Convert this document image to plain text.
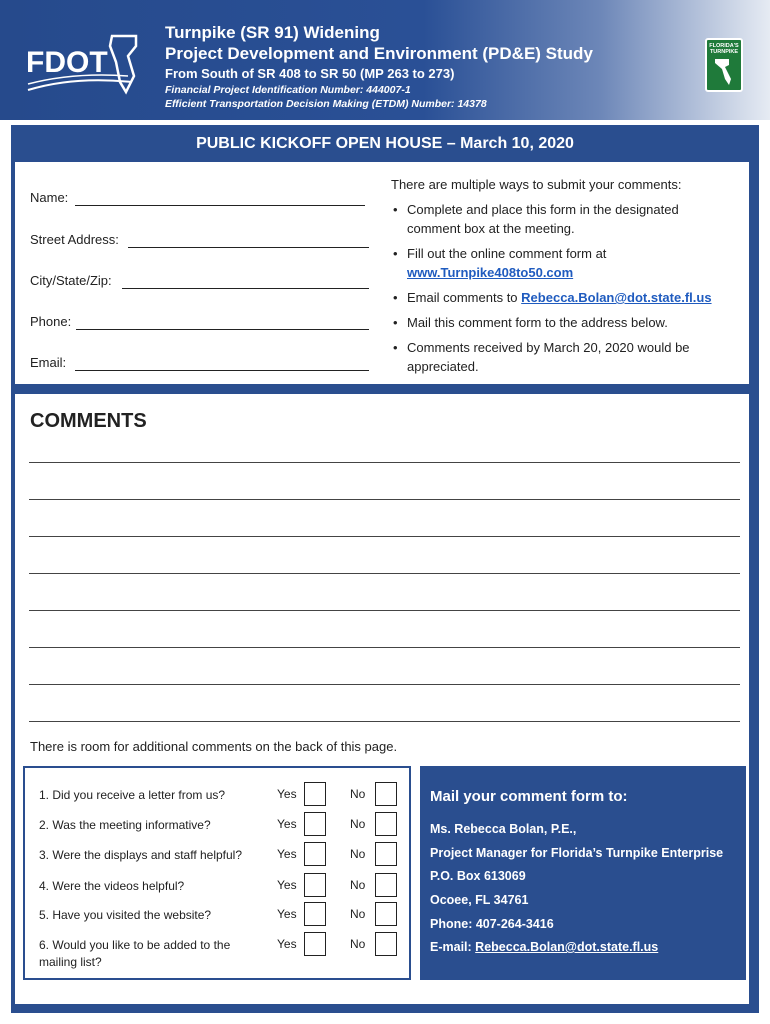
FDOT
Turnpike (SR 91) Widening
Project Development and Environment (PD&E) Study
From South of SR 408 to SR 50 (MP 263 to 273)
Financial Project Identification Number: 444007-1
Efficient Transportation Decision Making (ETDM) Number: 14378
FLORIDA'S TURNPIKE
PUBLIC KICKOFF OPEN HOUSE – March 10, 2020
Name:
Street Address:
City/State/Zip:
Phone:
Email:
There are multiple ways to submit your comments:
• Complete and place this form in the designated comment box at the meeting.
• Fill out the online comment form at
www.Turnpike408to50.com
• Email comments to Rebecca.Bolan@dot.state.fl.us
• Mail this comment form to the address below.
• Comments received by March 20, 2020 would be appreciated.
COMMENTS
There is room for additional comments on the back of this page.
1. Did you receive a letter from us?	Yes	No
2. Was the meeting informative?	Yes	No
3. Were the displays and staff helpful?	Yes	No
4. Were the videos helpful?	Yes	No
5. Have you visited the website?	Yes	No
6. Would you like to be added to the mailing list?
Yes	No
Mail your comment form to:
Ms. Rebecca Bolan, P.E.,
Project Manager for Florida’s Turnpike Enterprise
P.O. Box 613069
Ocoee, FL 34761
Phone: 407-264-3416
E-mail: Rebecca.Bolan@dot.state.fl.us
Public Kickoff Open House (5:30 p.m. to 7:30 p.m.) ♦ Tuesday, March 10, 2020 ♦ Ocoee Lakeshore Center ♦ 125 North Lakeshore Drive, Ocoee, FL 34761
